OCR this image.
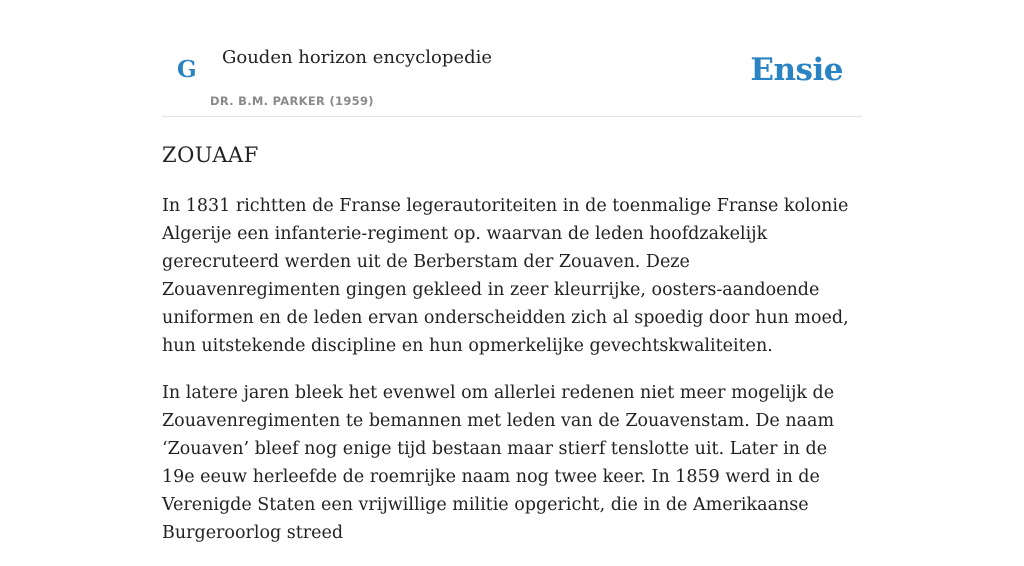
G Gouden horizon encyclopedie
DR. B.M. PARKER (1959)
Ensie
ZOUAAF

In 1831 richtten de Franse legerautoriteiten in de toenmalige Franse kolonie Algerije een infanterie-regiment op. waarvan de leden hoofdzakelijk gerecruteerd werden uit de Berberstam der Zouaven. Deze Zouavenregimenten gingen gekleed in zeer kleurrijke, oosters-aandoende uniformen en de leden ervan onderscheidden zich al spoedig door hun moed, hun uitstekende discipline en hun opmerkelijke gevechtskwaliteiten.

In latere jaren bleek het evenwel om allerlei redenen niet meer mogelijk de Zouavenregimenten te bemannen met leden van de Zouavenstam. De naam ‘Zouaven’ bleef nog enige tijd bestaan maar stierf tenslotte uit. Later in de 19e eeuw herleefde de roemrijke naam nog twee keer. In 1859 werd in de Verenigde Staten een vrijwillige militie opgericht, die in de Amerikaanse Burgeroorlog streed
